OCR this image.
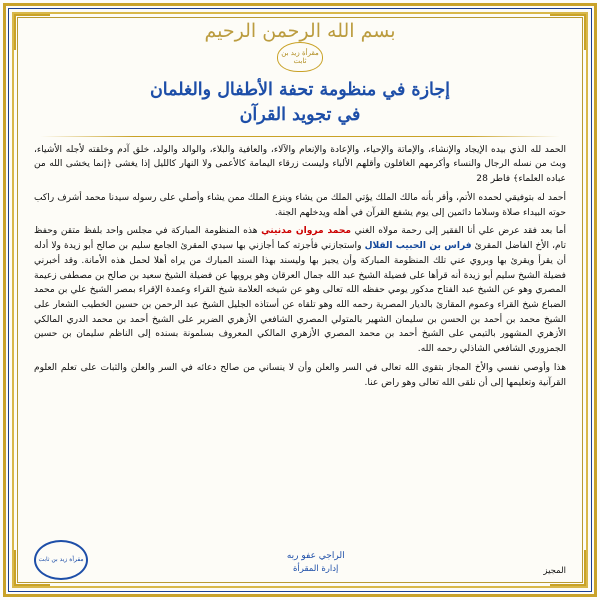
بسم الله الرحمن الرحيم
مقرأة زيد بن ثابت
إجازة في منظومة تحفة الأطفال والغلمان
في تجويد القرآن

الحمد لله الذي بيده الإيجاد والإنشاء، والإماتة والإحياء، والإعادة والإنعام والآلاء، والعافية والبلاء، والوالد والولد، خلق آدم وخلقته لأجله الأشياء، وبث من نسله الرجال والنساء وأكرمهم الغافلون وأقلهم الألباء وليست زرقاء اليمامة كالأعمى ولا النهار كالليل إذا يغشى ﴿إنما يخشى الله من عباده العلماء﴾ فاطر 28

أحمد له بتوفيقي لحمده الأتم، وأقر بأنه مالك الملك يؤتي الملك من يشاء وينزع الملك ممن يشاء وأصلي على رسوله سيدنا محمد أشرف راكب حوته البيداء صلاة وسلاما دائمين إلى يوم يشفع القرآن في أهله ويدخلهم الجنة.

أما بعد فقد عرض علي أنا الفقير إلى رحمة مولاه الغني محمد مروان مدنيني هذه المنظومة المباركة في مجلس واحد بلفظ متقن وحفظ تام، الأخ الفاضل المقرئ فراس بن الحبيب القلال واستجازني فأجزته كما أجازني بها سيدي المقرئ الجامع سليم بن صالح أبو زيدة ولا أدله أن يقرأ ويقرئ بها وبروي عني تلك المنظومة المباركة وأن يجيز بها وليسند بهذا السند المبارك من يراه أهلا لحمل هذه الأمانة. وقد أخبرني فضيلة الشيخ سليم أبو زيدة أنه قرأها على فضيلة الشيخ عبد الله جمال العرقان وهو يرويها عن فضيلة الشيخ سعيد بن صالح بن مصطفى زعيمة المصري وهو عن الشيخ عبد الفتاح مدكور يومي حفظه الله تعالى وهو عن شيخه العلامة شيخ القراء وعمدة الإقراء بمصر الشيخ علي بن محمد الضباع شيخ القراء وعموم المقارئ بالديار المصرية رحمه الله وهو تلقاه عن أستاذه الجليل الشيخ عبد الرحمن بن حسين الخطيب الشعار على الشيخ محمد بن أحمد بن الحسن بن سليمان الشهير بالمتولي المصري الشافعي الأزهري الضرير على الشيخ أحمد بن محمد الدري المالكي الأزهري المشهور بالتيمي على الشيخ أحمد بن محمد المصري الأزهري المالكي المعروف بسلمونة بسنده إلى الناظم سليمان بن حسين الجمزوري الشافعي الشاذلي رحمه الله.

هذا وأوصي نفسي والأخ المجاز بتقوى الله تعالى في السر والعلن وأن لا ينساني من صالح دعائه في السر والعلن والثبات على تعلم العلوم القرآنية وتعليمها إلى أن نلقى الله تعالى وهو راض عنا.

المجيز
الراجي عفو ربه
إدارة المقرأة
مقرأة زيد بن ثابت
